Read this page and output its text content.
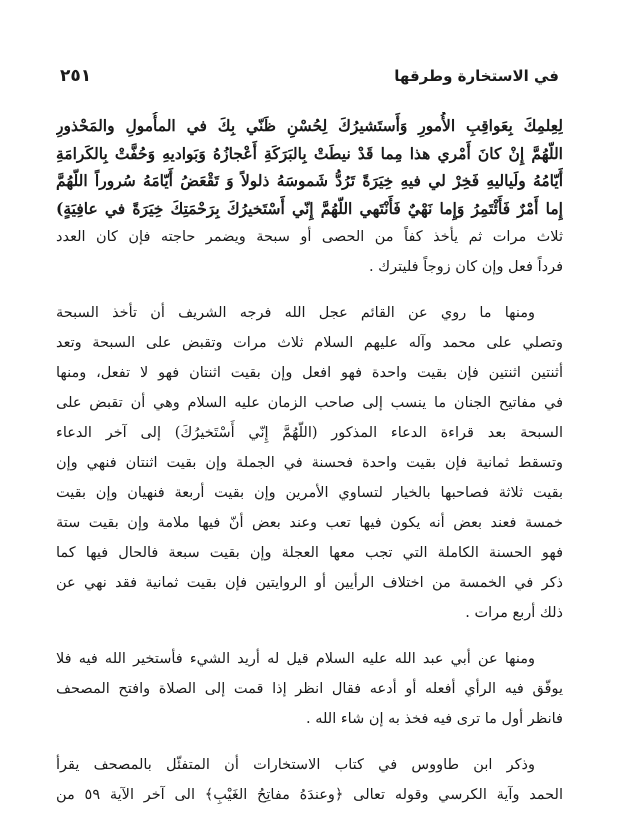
في الاستخارة وطرقها
٢٥١
لِعِلمِكَ بِعَواقِبِ الأُمورِ وَأَستَشيرُكَ لِحُسْنِ ظَنّي بِكَ في المأُمولِ والمَحْذورِ
اللّهُمَّ إِنْ كانَ أَمْري هذا مِما قَدْ نيطَتْ بِالبَرَكَةِ أَعْجازُهُ وَبَواديهِ وَحُفَّتْ بِالكَرامَةِ
أَيّامُهُ ولَياليهِ فَخِرْ لي فيهِ خِيَرَةً تَرُدُّ شَموسَهُ ذلولاً وَ تَقْعَضُ أَيّامَهُ سُروراً اللّهُمَّ
إِما أَمْرٌ فَأَئْتَمِرُ وَإِما نَهْيٌ فَأَنْتَهي اللّهُمَّ إِنّي أَسْتَخيرُكَ بِرَحْمَتِكَ خِيَرَةً في عافِيَةٍ)
ثلاث مرات ثم يأخذ كفاً من الحصى أو سبحة ويضمر حاجته فإن كان العدد
فرداً فعل وإن كان زوجاً فليترك .
ومنها ما روي عن القائم عجل الله فرجه الشريف أن تأخذ السبحة
وتصلي على محمد وآله عليهم السلام ثلاث مرات وتقبض على السبحة وتعد
أثنتين اثنتين فإن بقيت واحدة فهو افعل وإن بقيت اثنتان فهو لا تفعل، ومنها
في مفاتيح الجنان ما ينسب إلى صاحب الزمان عليه السلام وهي أن تقبض على
السبحة بعد قراءة الدعاء المذكور (اللّهُمَّ إِنّي أَسْتَخيرُكَ) إلى آخر الدعاء
وتسقط ثمانية فإن بقيت واحدة فحسنة في الجملة وإن بقيت اثنتان فنهي وإن
بقيت ثلاثة فصاحبها بالخيار لتساوي الأمرين وإن بقيت أربعة فنهيان وإن بقيت
خمسة فعند بعض أنه يكون فيها تعب وعند بعض أنّ فيها ملامة وإن بقيت ستة
فهو الحسنة الكاملة التي تجب معها العجلة وإن بقيت سبعة فالحال فيها كما
ذكر في الخمسة من اختلاف الرأيين أو الروايتين فإن بقيت ثمانية فقد نهي عن
ذلك أربع مرات .
ومنها عن أبي عبد الله عليه السلام قيل له أريد الشيء فأستخير الله فيه فلا
يوفّق فيه الرأي أفعله أو أدعه فقال انظر إذا قمت إلى الصلاة وافتح المصحف
فانظر أول ما ترى فيه فخذ به إن شاء الله .
وذكر ابن طاووس في كتاب الاستخارات أن المتفئّل بالمصحف يقرأ
الحمد وآية الكرسي وقوله تعالى ﴿وعندَهُ مفاتِحُ الغَيْبِ﴾ الى آخر الآية ٥٩ من
